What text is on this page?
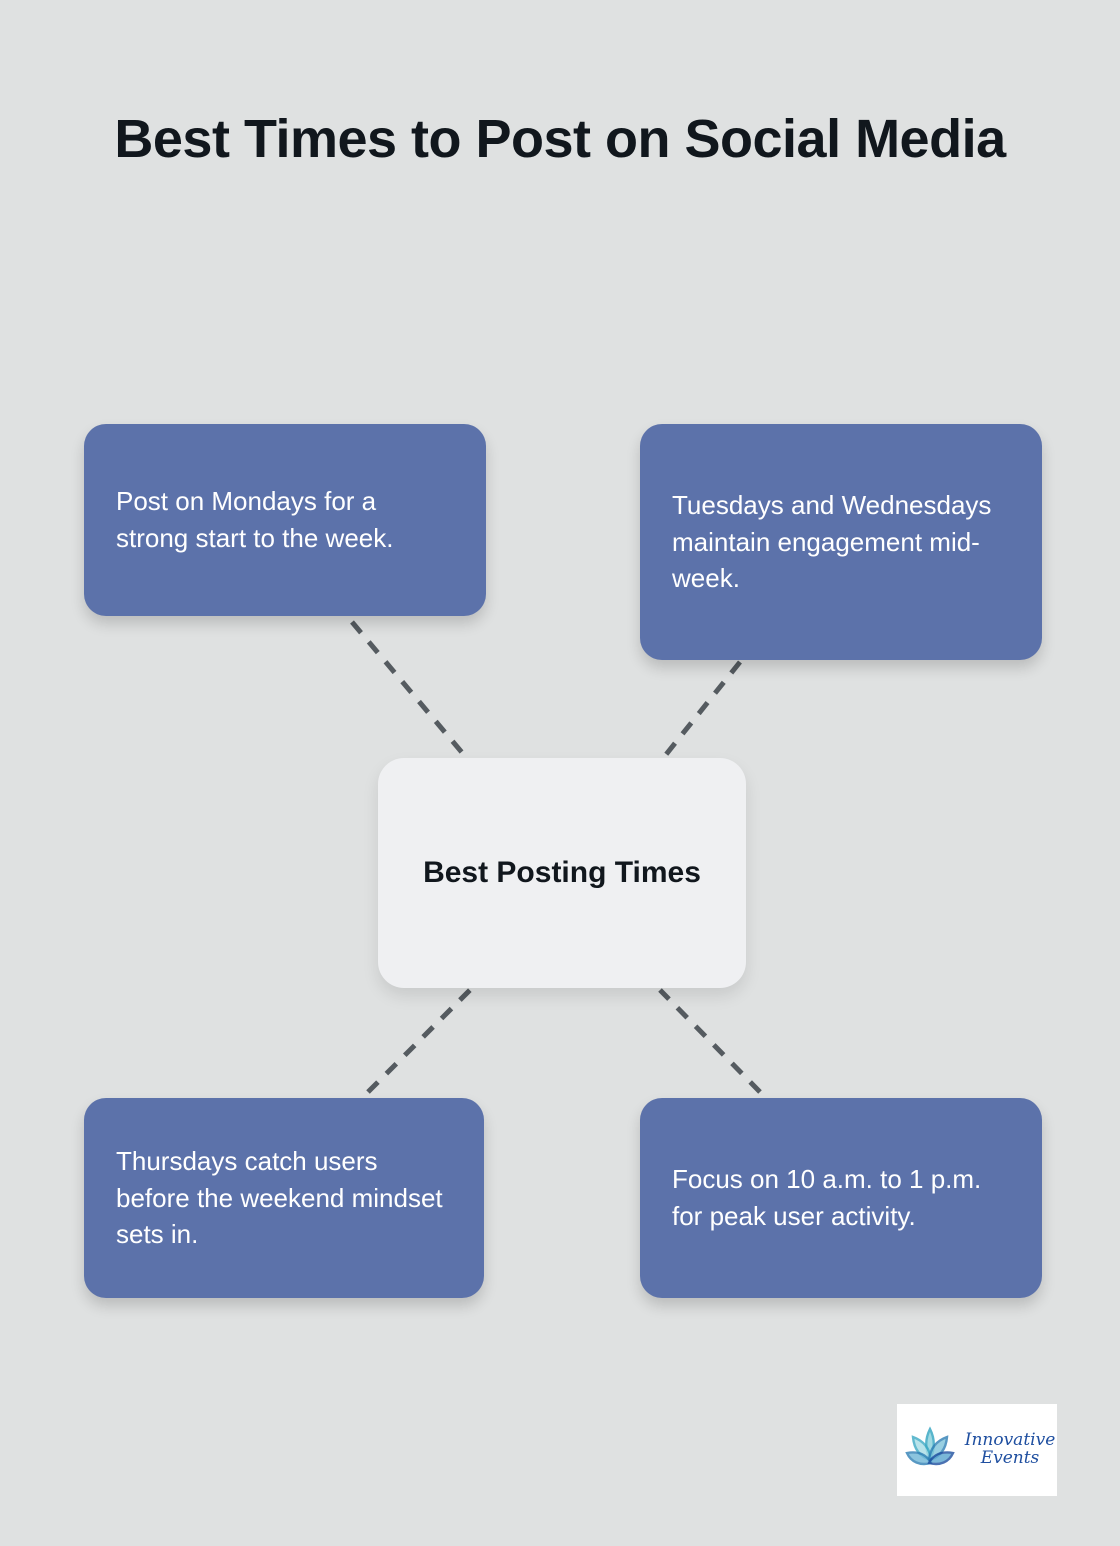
Best Times to Post on Social Media
Post on Mondays for a strong start to the week.
Tuesdays and Wednesdays maintain engagement mid-week.
Best Posting Times
Thursdays catch users before the weekend mindset sets in.
Focus on 10 a.m. to 1 p.m. for peak user activity.
Innovative
Events
